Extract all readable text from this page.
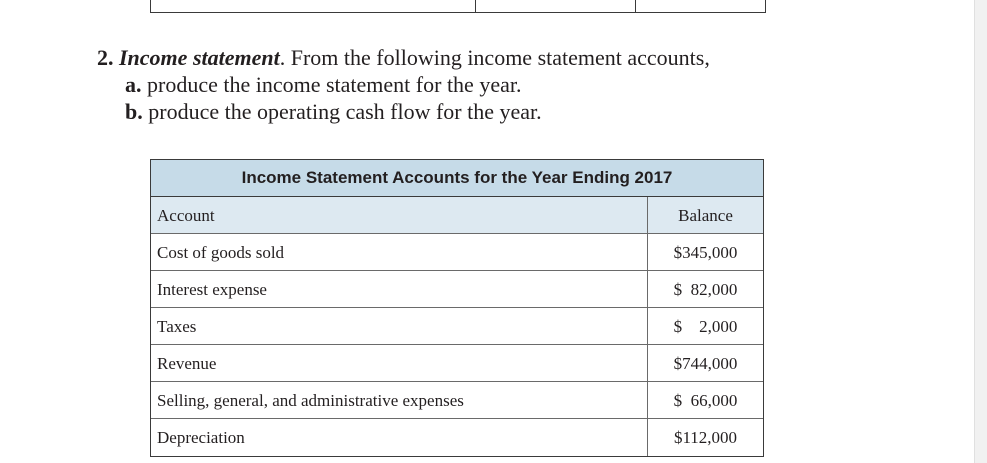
2. Income statement. From the following income statement accounts,
a. produce the income statement for the year.
b. produce the operating cash flow for the year.
Income Statement Accounts for the Year Ending 2017
Account	Balance
Cost of goods sold	$345,000
Interest expense	$  82,000
Taxes	$    2,000
Revenue	$744,000
Selling, general, and administrative expenses	$  66,000
Depreciation	$112,000
